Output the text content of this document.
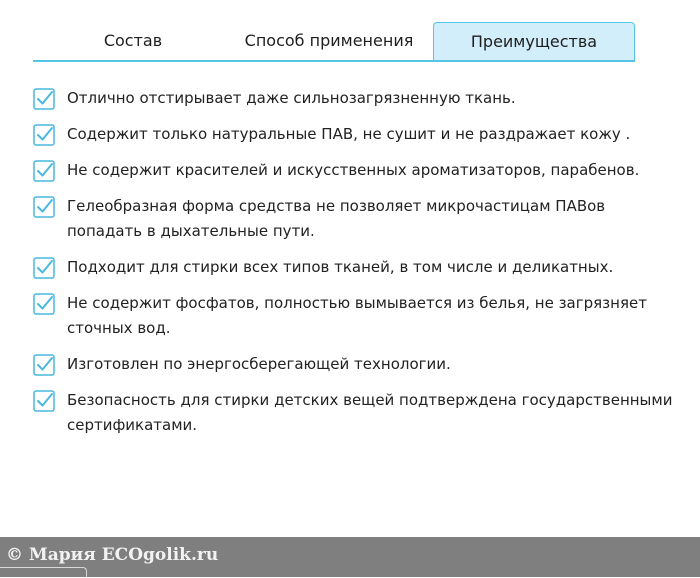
Состав	Способ применения	Преимущества
Отлично отстирывает даже сильнозагрязненную ткань.
Содержит только натуральные ПАВ, не сушит и не раздражает кожу .
Не содержит красителей и искусственных ароматизаторов, парабенов.
Гелеобразная форма средства не позволяет микрочастицам ПАВов попадать в дыхательные пути.
Подходит для стирки всех типов тканей, в том числе и деликатных.
Не содержит фосфатов, полностью вымывается из белья, не загрязняет сточных вод.
Изготовлен по энергосберегающей технологии.
Безопасность для стирки детских вещей подтверждена государственными сертификатами.
© Мария ECOgolik.ru
